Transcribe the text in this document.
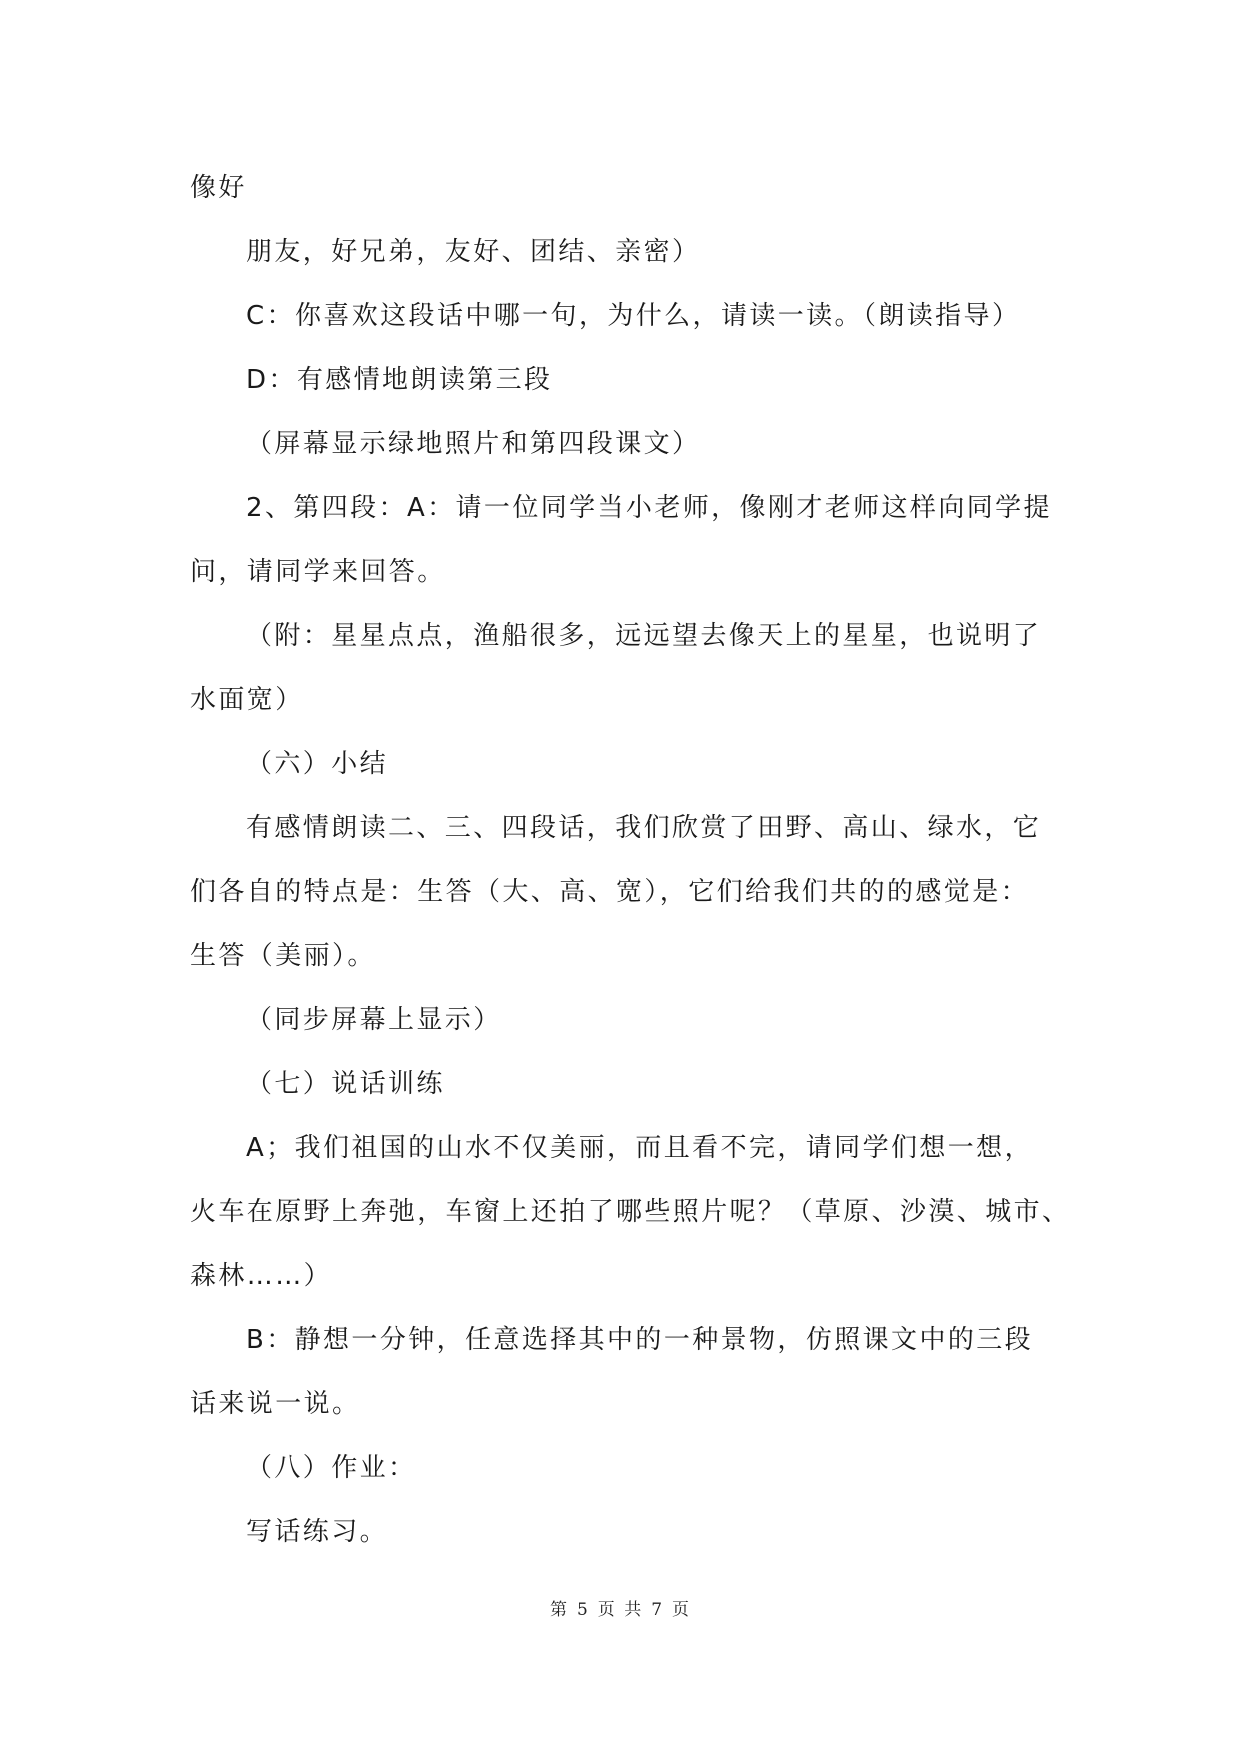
像好
朋友，好兄弟，友好、团结、亲密）
C：你喜欢这段话中哪一句，为什么，请读一读。（朗读指导）
D：有感情地朗读第三段
（屏幕显示绿地照片和第四段课文）
2、第四段：A：请一位同学当小老师，像刚才老师这样向同学提
问，请同学来回答。
（附：星星点点，渔船很多，远远望去像天上的星星，也说明了
水面宽）
（六）小结
有感情朗读二、三、四段话，我们欣赏了田野、高山、绿水，它
们各自的特点是：生答（大、高、宽），它们给我们共的的感觉是：
生答（美丽）。
（同步屏幕上显示）
（七）说话训练
A；我们祖国的山水不仅美丽，而且看不完，请同学们想一想，
火车在原野上奔弛，车窗上还拍了哪些照片呢？（草原、沙漠、城市、
森林……）
B：静想一分钟，任意选择其中的一种景物，仿照课文中的三段
话来说一说。
（八）作业：
写话练习。
第 5 页 共 7 页
